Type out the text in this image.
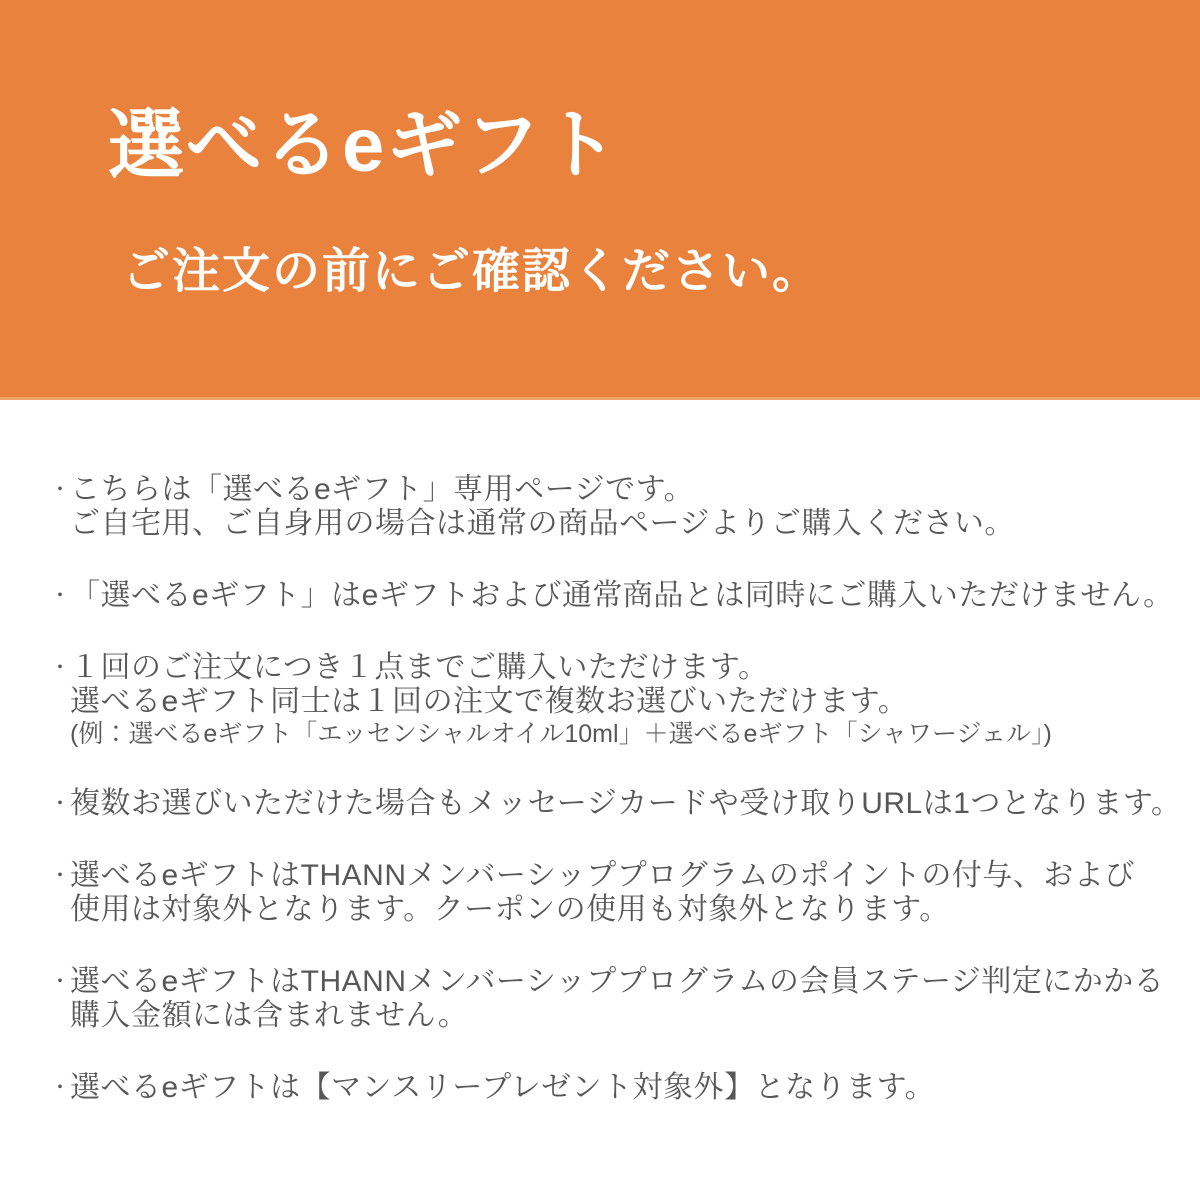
選べるeギフト
ご注文の前にご確認ください。
・ こちらは「選べるeギフト」専用ページです。
ご自宅用、ご自身用の場合は通常の商品ページよりご購入ください。
・ 「選べるeギフト」はeギフトおよび通常商品とは同時にご購入いただけません。
・ １回のご注文につき１点までご購入いただけます。
選べるeギフト同士は１回の注文で複数お選びいただけます。
(例：選べるeギフト「エッセンシャルオイル10ml」＋選べるeギフト「シャワージェル」)
・ 複数お選びいただけた場合もメッセージカードや受け取りURLは1つとなります。
・ 選べるeギフトはTHANNメンバーシッププログラムのポイントの付与、および
使用は対象外となります。クーポンの使用も対象外となります。
・ 選べるeギフトはTHANNメンバーシッププログラムの会員ステージ判定にかかる
購入金額には含まれません。
・ 選べるeギフトは【マンスリープレゼント対象外】となります。
